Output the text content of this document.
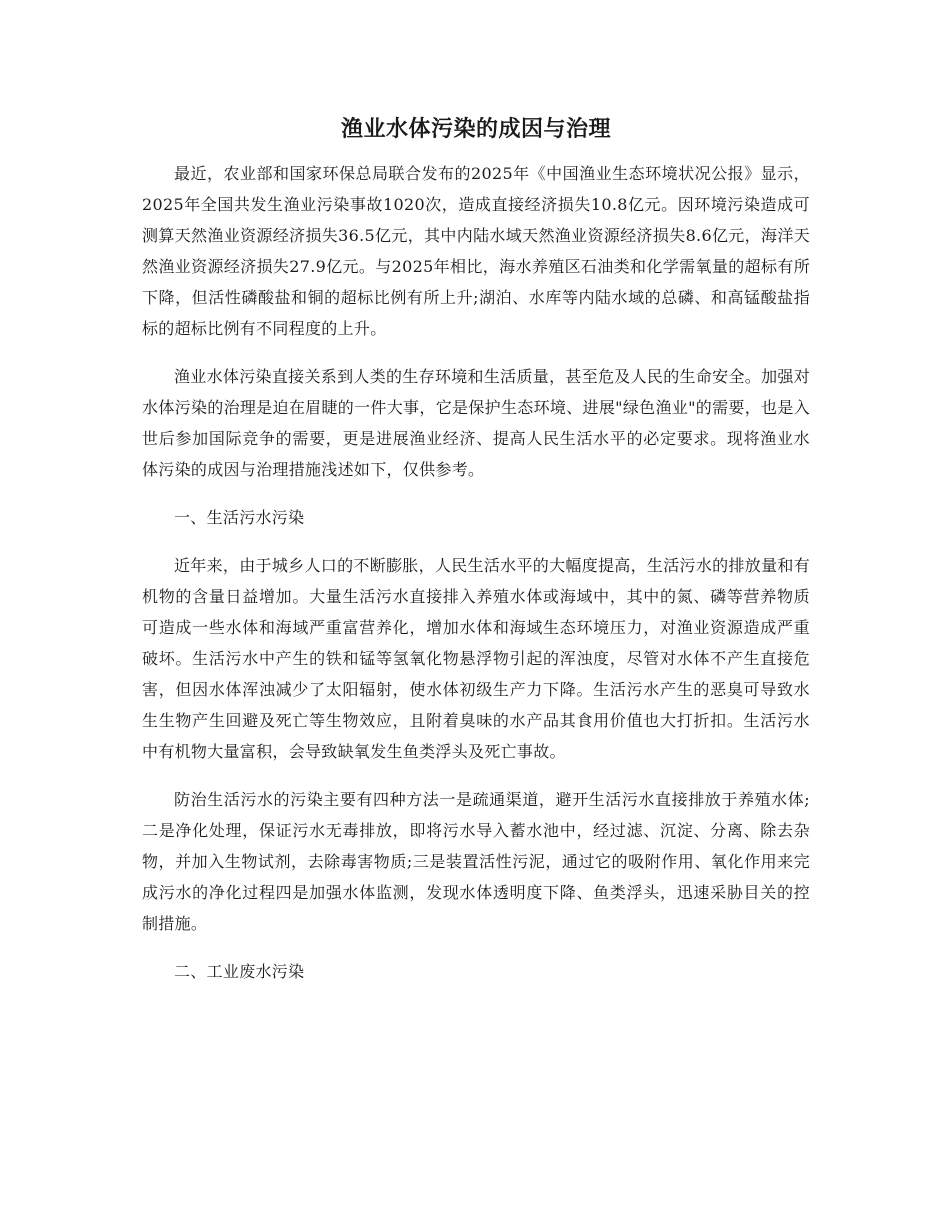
渔业水体污染的成因与治理

最近，农业部和国家环保总局联合发布的2025年《中国渔业生态环境状况公报》显示，2025年全国共发生渔业污染事故1020次，造成直接经济损失10.8亿元。因环境污染造成可测算天然渔业资源经济损失36.5亿元，其中内陆水域天然渔业资源经济损失8.6亿元，海洋天然渔业资源经济损失27.9亿元。与2025年相比，海水养殖区石油类和化学需氧量的超标有所下降，但活性磷酸盐和铜的超标比例有所上升;湖泊、水库等内陆水域的总磷、和高锰酸盐指标的超标比例有不同程度的上升。

渔业水体污染直接关系到人类的生存环境和生活质量，甚至危及人民的生命安全。加强对水体污染的治理是迫在眉睫的一件大事，它是保护生态环境、进展"绿色渔业"的需要，也是入世后参加国际竞争的需要，更是进展渔业经济、提高人民生活水平的必定要求。现将渔业水体污染的成因与治理措施浅述如下，仅供参考。

一、生活污水污染

近年来，由于城乡人口的不断膨胀，人民生活水平的大幅度提高，生活污水的排放量和有机物的含量日益增加。大量生活污水直接排入养殖水体或海域中，其中的氮、磷等营养物质可造成一些水体和海域严重富营养化，增加水体和海域生态环境压力，对渔业资源造成严重破坏。生活污水中产生的铁和锰等氢氧化物悬浮物引起的浑浊度，尽管对水体不产生直接危害，但因水体浑浊减少了太阳辐射，使水体初级生产力下降。生活污水产生的恶臭可导致水生生物产生回避及死亡等生物效应，且附着臭味的水产品其食用价值也大打折扣。生活污水中有机物大量富积，会导致缺氧发生鱼类浮头及死亡事故。

防治生活污水的污染主要有四种方法一是疏通渠道，避开生活污水直接排放于养殖水体;二是净化处理，保证污水无毒排放，即将污水导入蓄水池中，经过滤、沉淀、分离、除去杂物，并加入生物试剂，去除毒害物质;三是装置活性污泥，通过它的吸附作用、氧化作用来完成污水的净化过程四是加强水体监测，发现水体透明度下降、鱼类浮头，迅速采胁目关的控制措施。

二、工业废水污染
